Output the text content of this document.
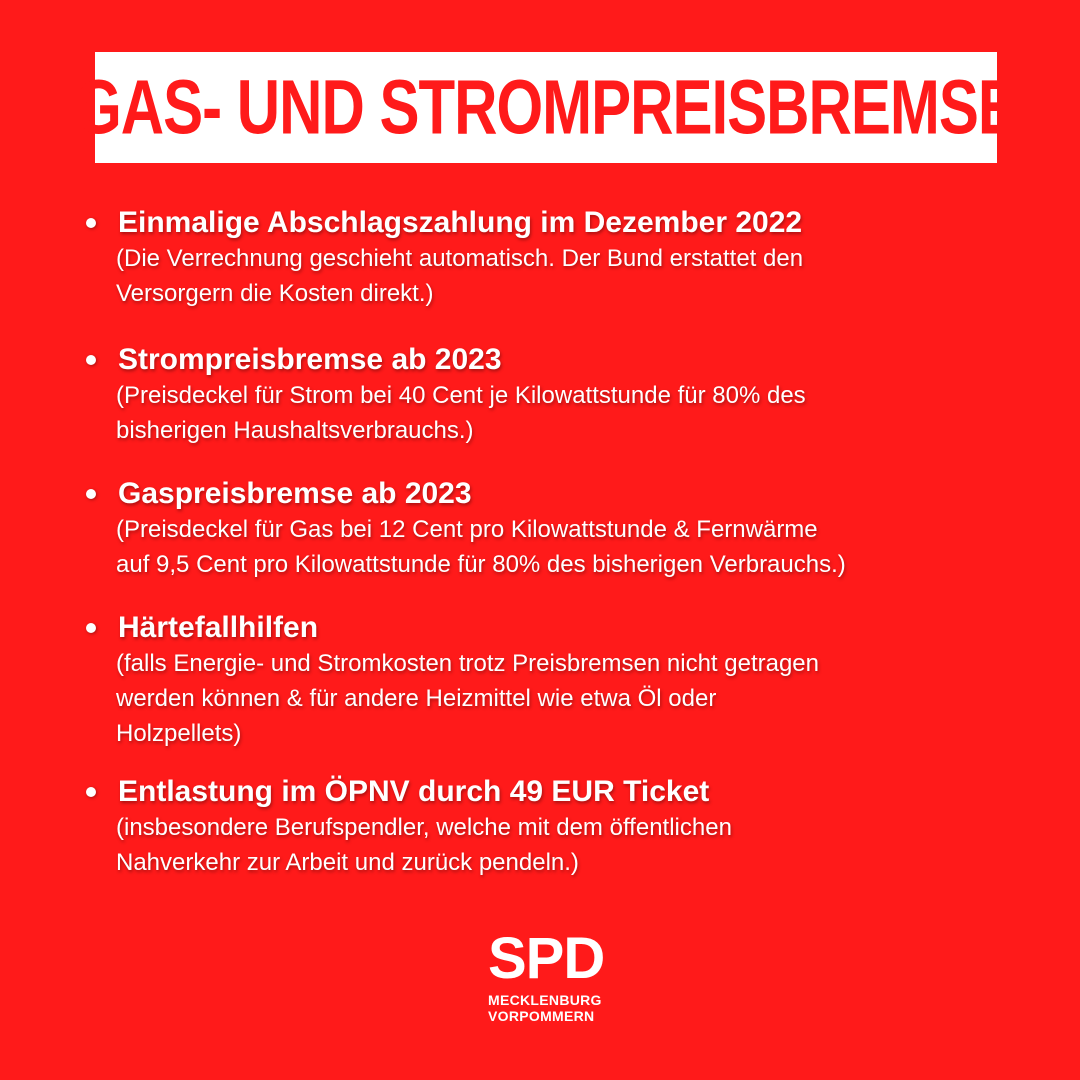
GAS- UND STROMPREISBREMSE
Einmalige Abschlagszahlung im Dezember 2022
(Die Verrechnung geschieht automatisch. Der Bund erstattet den
Versorgern die Kosten direkt.)
Strompreisbremse ab 2023
(Preisdeckel für Strom bei 40 Cent je Kilowattstunde für 80% des
bisherigen Haushaltsverbrauchs.)
Gaspreisbremse ab 2023
(Preisdeckel für Gas bei 12 Cent pro Kilowattstunde & Fernwärme
auf 9,5 Cent pro Kilowattstunde für 80% des bisherigen Verbrauchs.)
Härtefallhilfen
(falls Energie- und Stromkosten trotz Preisbremsen nicht getragen
werden können & für andere Heizmittel wie etwa Öl oder
Holzpellets)
Entlastung im ÖPNV durch 49 EUR Ticket
(insbesondere Berufspendler, welche mit dem öffentlichen
Nahverkehr zur Arbeit und zurück pendeln.)
SPD
MECKLENBURG
VORPOMMERN
